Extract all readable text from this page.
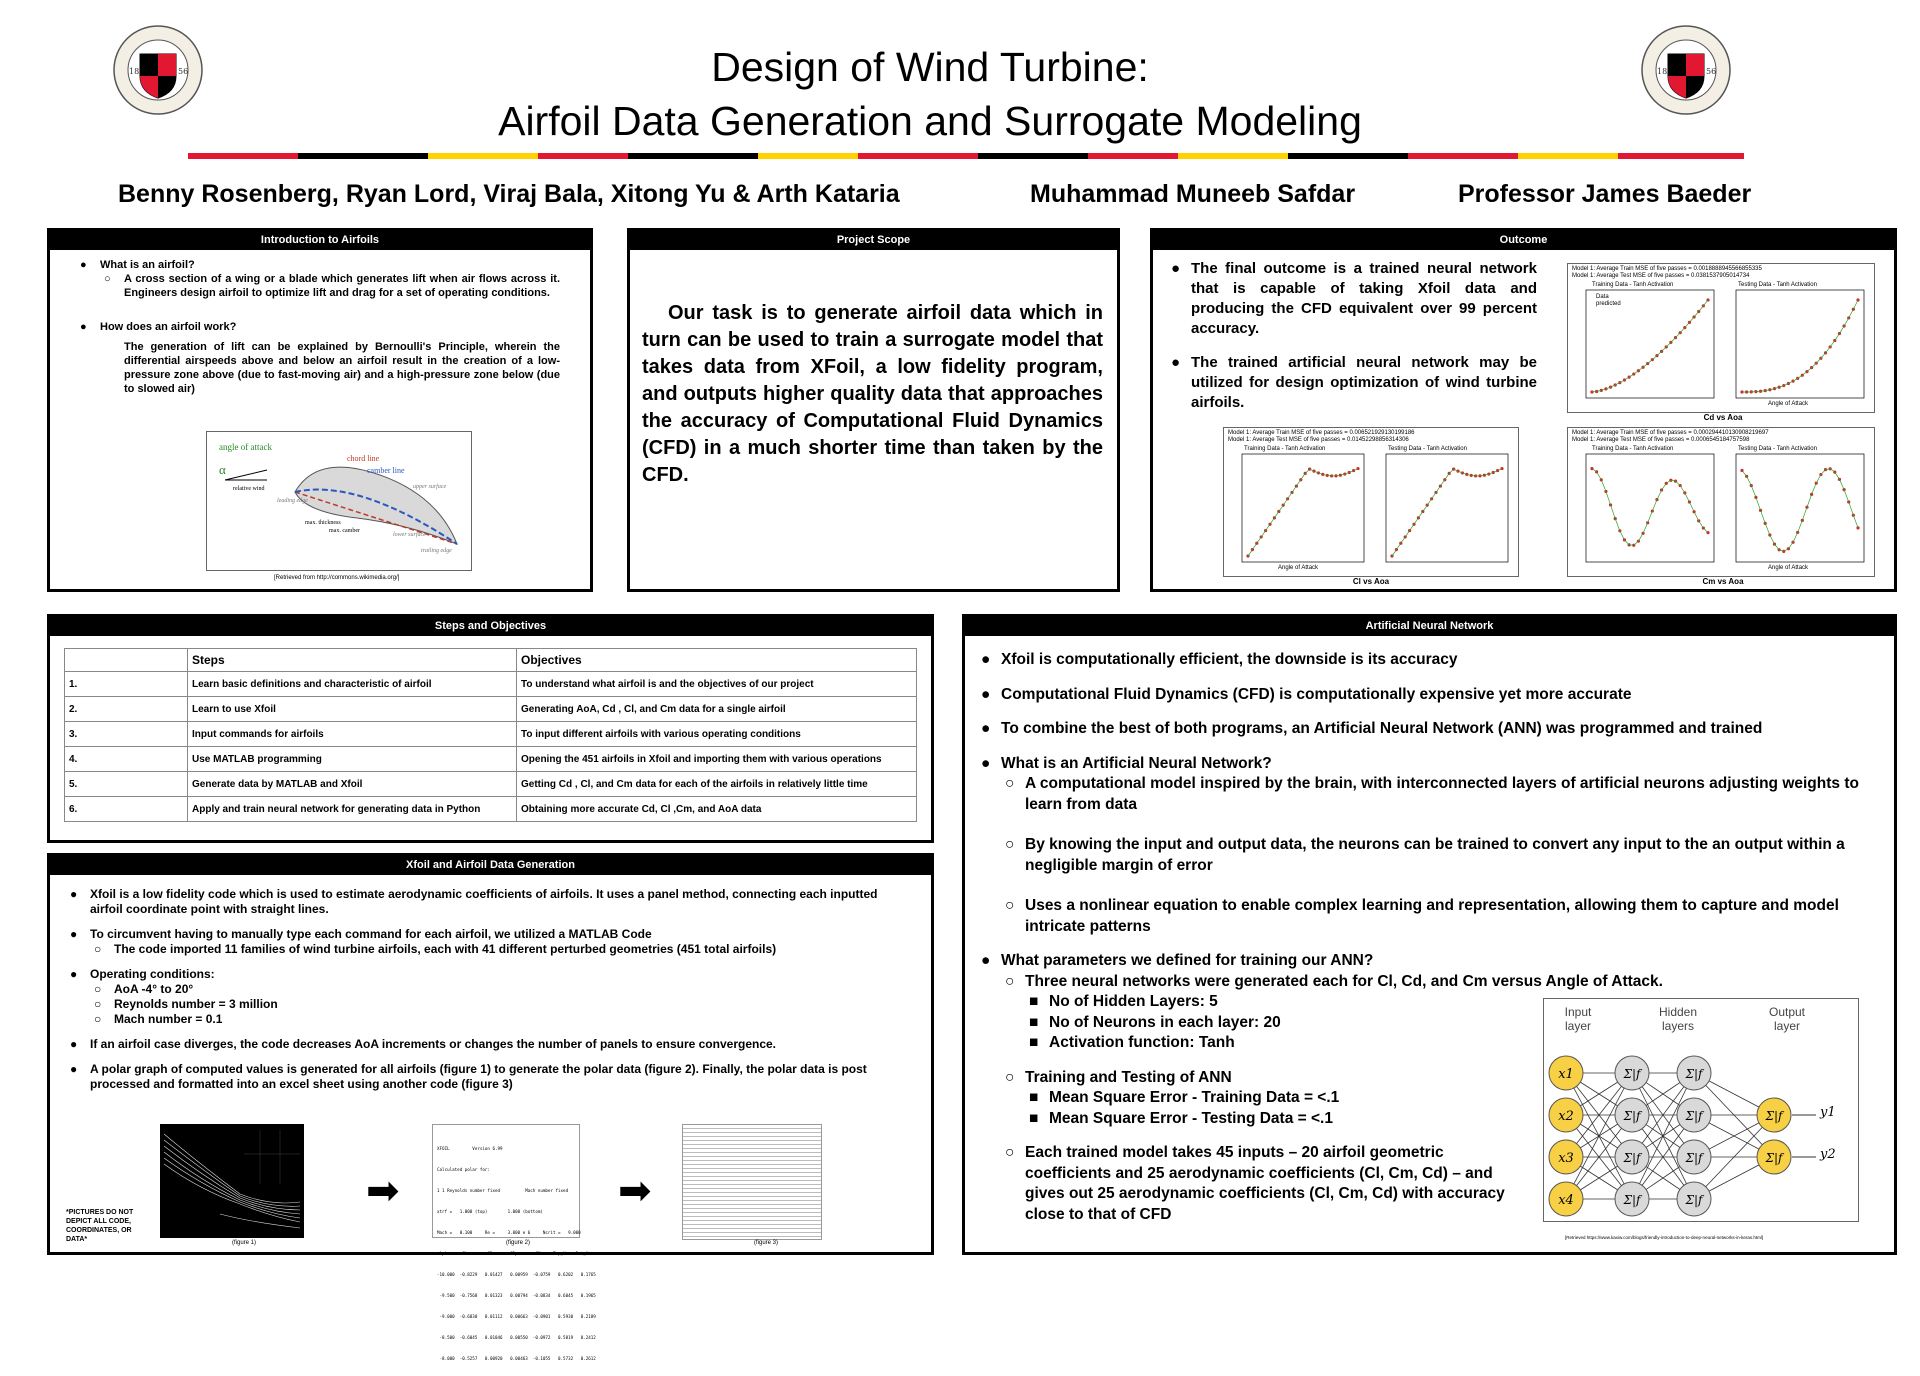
18	56	18	56
Design of Wind Turbine:
Airfoil Data Generation and Surrogate Modeling
Benny Rosenberg, Ryan Lord, Viraj Bala, Xitong Yu & Arth Kataria	Muhammad Muneeb Safdar	Professor James Baeder
Introduction to Airfoils
● What is an airfoil?
○ A cross section of a wing or a blade which generates lift when air flows across it. Engineers design airfoil to optimize lift and drag for a set of operating conditions.
● How does an airfoil work?
The generation of lift can be explained by Bernoulli's Principle, wherein the differential airspeeds above and below an airfoil result in the creation of a low-pressure zone above (due to fast-moving air) and a high-pressure zone below (due to slowed air)
angle of attack
α
relative wind
chord line
camber line
upper surface
leading edge
max. thickness
max. camber
lower surface
trailing edge
[Retrieved from http://commons.wikimedia.org/]
Project Scope
Our task is to generate airfoil data which in turn can be used to train a surrogate model that takes data from XFoil, a low fidelity program, and outputs higher quality data that approaches the accuracy of Computational Fluid Dynamics (CFD) in a much shorter time than taken by the CFD.
Outcome
● The final outcome is a trained neural network that is capable of taking Xfoil data and producing the CFD equivalent over 99 percent accuracy.
● The trained artificial neural network may be utilized for design optimization of wind turbine airfoils.
Model 1: Average Train MSE of five passes = 0.0018888945566855335
Model 1: Average Test MSE of five passes = 0.0381537905014734
Training Data - Tanh Activation	Testing Data - Tanh Activation
Data
predicted
Angle of Attack
Cd vs Aoa
Model 1: Average Train MSE of five passes = 0.006521929130199186
Model 1: Average Test MSE of five passes = 0.01452298856314306
Training Data - Tanh Activation	Testing Data - Tanh Activation
Angle of Attack
Cl vs Aoa
Model 1: Average Train MSE of five passes = 0.000294410130908219697
Model 1: Average Test MSE of five passes = 0.0006545184757598
Training Data - Tanh Activation	Testing Data - Tanh Activation
Angle of Attack
Cm vs Aoa
Steps and Objectives
	Steps	Objectives
1.	Learn basic definitions and characteristic of airfoil	To understand what airfoil is and the objectives of our project
2.	Learn to use Xfoil	Generating AoA, Cd , Cl, and Cm data for a single airfoil
3.	Input commands for airfoils	To input different airfoils with various operating conditions
4.	Use MATLAB programming	Opening the 451 airfoils in Xfoil and importing them with various operations
5.	Generate data by MATLAB and Xfoil	Getting Cd , Cl, and Cm data for each of the airfoils in relatively little time
6.	Apply and train neural network for generating data in Python	Obtaining more accurate Cd, Cl ,Cm, and AoA data
Xfoil and Airfoil Data Generation
● Xfoil is a low fidelity code which is used to estimate aerodynamic coefficients of airfoils. It uses a panel method, connecting each inputted airfoil coordinate point with straight lines.
● To circumvent having to manually type each command for each airfoil, we utilized a MATLAB Code
○ The code imported 11 families of wind turbine airfoils, each with 41 different perturbed geometries (451 total airfoils)
● Operating conditions:
○ AoA -4° to 20°
○ Reynolds number = 3 million
○ Mach number = 0.1
● If an airfoil case diverges, the code decreases AoA increments or changes the number of panels to ensure convergence.
● A polar graph of computed values is generated for all airfoils (figure 1) to generate the polar data (figure 2). Finally, the polar data is post processed and formatted into an excel sheet using another code (figure 3)
*PICTURES DO NOT DEPICT ALL CODE, COORDINATES, OR DATA*
➡

XFOIL         Version 6.99

Calculated polar for:

1 1 Reynolds number fixed          Mach number fixed

xtrf =   1.000 (top)        1.000 (bottom)

Mach =   0.100     Re =     3.000 e 6     Ncrit =   9.000

alpha     CL        CD       CDp       CM     Top_Xtr  Bot_Xtr

-10.000  -0.8229   0.01427   0.00959  -0.0759   0.6202   0.1765

-9.500  -0.7568   0.01323   0.00794  -0.0834   0.6045   0.1965

-9.000  -0.6830   0.01112   0.00663  -0.0901   0.5930   0.2189

-8.500  -0.6045   0.01046   0.00550  -0.0972   0.5819   0.2412

-8.000  -0.5257   0.00920   0.00463  -0.1055   0.5732   0.2612

➡
(figure 1)	(figure 2)	(figure 3)
Artificial Neural Network
● Xfoil is computationally efficient, the downside is its accuracy
● Computational Fluid Dynamics (CFD) is computationally expensive yet more accurate
● To combine the best of both programs, an Artificial Neural Network (ANN) was programmed and trained
● What is an Artificial Neural Network?
○ A computational model inspired by the brain, with interconnected layers of artificial neurons adjusting weights to learn from data
○ By knowing the input and output data, the neurons can be trained to convert any input to the an output within a negligible margin of error
○ Uses a nonlinear equation to enable complex learning and representation, allowing them to capture and model intricate patterns
● What parameters we defined for training our ANN?
○ Three neural networks were generated each for Cl, Cd, and Cm versus Angle of Attack.
■ No of Hidden Layers: 5
■ No of Neurons in each layer: 20
■ Activation function: Tanh
○ Training and Testing of ANN
■ Mean Square Error - Training Data = <.1
■ Mean Square Error - Testing Data = <.1
○ Each trained model takes 45 inputs – 20 airfoil geometric coefficients and 25 aerodynamic coefficients (Cl, Cm, Cd) – and gives out 25 aerodynamic coefficients (Cl, Cm, Cd) with accuracy close to that of CFD
Input layer
Hidden layers
Output layer
x1
x2
x3
x4
Σ|f
Σ|f
Σ|f
Σ|f
Σ|f
Σ|f
Σ|f
Σ|f
Σ|f
Σ|f
y1
y2
[Retrieved https://www.kaxiw.com/blogs/friendly-introduction-to-deep-neural-networks-in-keras.html]
